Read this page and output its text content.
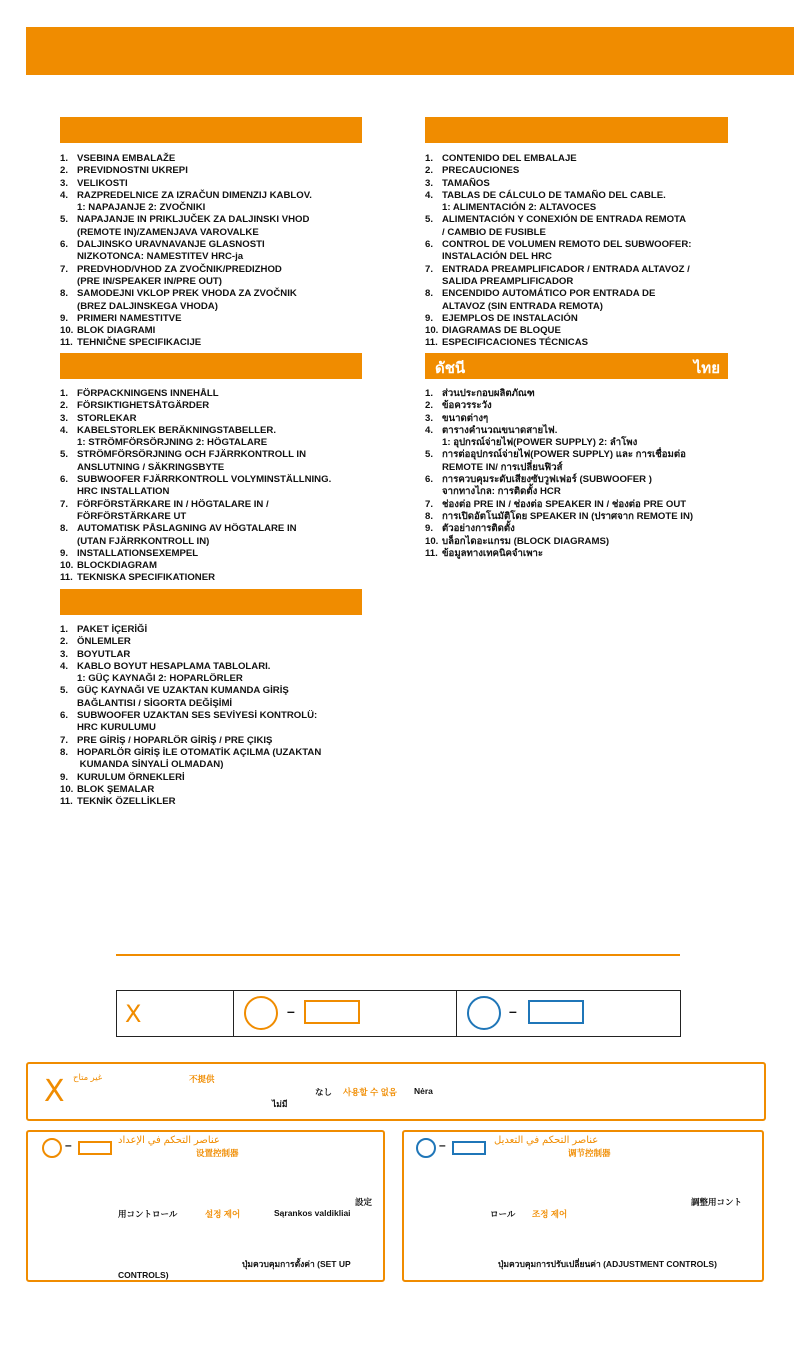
1. VSEBINA EMBALAŽE
2. PREVIDNOSTNI UKREPI
3. VELIKOSTI
4. RAZPREDELNICE ZA IZRAČUN DIMENZIJ KABLOV.
1: NAPAJANJE 2: ZVOČNIKI
5. NAPAJANJE IN PRIKLJUČEK ZA DALJINSKI VHOD
(REMOTE IN)/ZAMENJAVA VAROVALKE
6. DALJINSKO URAVNAVANJE GLASNOSTI
NIZKOTONCA: NAMESTITEV HRC-ja
7. PREDVHOD/VHOD ZA ZVOČNIK/PREDIZHOD
(PRE IN/SPEAKER IN/PRE OUT)
8. SAMODEJNI VKLOP PREK VHODA ZA ZVOČNIK
(BREZ DALJINSKEGA VHODA)
9. PRIMERI NAMESTITVE
10. BLOK DIAGRAMI
11. TEHNIČNE SPECIFIKACIJE
1. CONTENIDO DEL EMBALAJE
2. PRECAUCIONES
3. TAMAÑOS
4. TABLAS DE CÁLCULO DE TAMAÑO DEL CABLE.
1: ALIMENTACIÓN 2: ALTAVOCES
5. ALIMENTACIÓN Y CONEXIÓN DE ENTRADA REMOTA
/ CAMBIO DE FUSIBLE
6. CONTROL DE VOLUMEN REMOTO DEL SUBWOOFER:
INSTALACIÓN DEL HRC
7. ENTRADA PREAMPLIFICADOR / ENTRADA ALTAVOZ /
SALIDA PREAMPLIFICADOR
8. ENCENDIDO AUTOMÁTICO POR ENTRADA DE
ALTAVOZ (SIN ENTRADA REMOTA)
9. EJEMPLOS DE INSTALACIÓN
10. DIAGRAMAS DE BLOQUE
11. ESPECIFICACIONES TÉCNICAS
1. FÖRPACKNINGENS INNEHÅLL
2. FÖRSIKTIGHETSÅTGÄRDER
3. STORLEKAR
4. KABELSTORLEK BERÄKNINGSTABELLER.
1: STRÖMFÖRSÖRJNING 2: HÖGTALARE
5. STRÖMFÖRSÖRJNING OCH FJÄRRKONTROLL IN
ANSLUTNING / SÄKRINGSBYTE
6. SUBWOOFER FJÄRRKONTROLL VOLYMINSTÄLLNING.
HRC INSTALLATION
7. FÖRFÖRSTÄRKARE IN / HÖGTALARE IN /
FÖRFÖRSTÄRKARE UT
8. AUTOMATISK PÅSLAGNING AV HÖGTALARE IN
(UTAN FJÄRRKONTROLL IN)
9. INSTALLATIONSEXEMPEL
10. BLOCKDIAGRAM
11. TEKNISKA SPECIFIKATIONER
ดัชนี	ไทย
1. ส่วนประกอบผลิตภัณฑ
2. ข้อควรระวัง
3. ขนาดต่างๆ
4. ตารางคำนวณขนาดสายไฟ.
1: อุปกรณ์จ่ายไฟ(POWER SUPPLY) 2: ลำโพง
5. การต่ออุปกรณ์จ่ายไฟ(POWER SUPPLY) และ การเชื่อมต่อ
REMOTE IN/ การเปลี่ยนฟิวส์
6. การควบคุมระดับเสียงซับวูฟเฟอร์ (SUBWOOFER )
จากทางไกล: การติดตั้ง HCR
7. ช่องต่อ PRE IN / ช่องต่อ SPEAKER IN / ช่องต่อ PRE OUT
8. การเปิดอัตโนมัติโดย SPEAKER IN (ปราศจาก REMOTE IN)
9. ตัวอย่างการติดตั้ง
10. บล็อกไดอะแกรม (BLOCK DIAGRAMS)
11. ข้อมูลทางเทคนิคจำเพาะ
1. PAKET İÇERİĞİ
2. ÖNLEMLER
3. BOYUTLAR
4. KABLO BOYUT HESAPLAMA TABLOLARI.
1: GÜÇ KAYNAĞI 2: HOPARLÖRLER
5. GÜÇ KAYNAĞI VE UZAKTAN KUMANDA GİRİŞ
BAĞLANTISI / SİGORTA DEĞİŞİMİ
6. SUBWOOFER UZAKTAN SES SEVİYESİ KONTROLÜ:
HRC KURULUMU
7. PRE GİRİŞ / HOPARLÖR GİRİŞ / PRE ÇIKIŞ
8. HOPARLÖR GİRİŞ İLE OTOMATİK AÇILMA (UZAKTAN
KUMANDA SİNYALİ OLMADAN)
9. KURULUM ÖRNEKLERİ
10. BLOK ŞEMALAR
11. TEKNİK ÖZELLİKLER
X	–	–
X غير متاح	不提供
なし 사용할 수 없음 Nėra
ไม่มี
–	عناصر التحكم في الإعداد
设置控制器
設定
用コントロール	설정 제어	Sąrankos valdikliai
ปุ่มควบคุมการตั้งค่า (SET UP
CONTROLS)
–	عناصر التحكم في التعديل
调节控制器
調整用コント
ロール 조정 제어
ปุ่มควบคุมการปรับเปลี่ยนค่า (ADJUSTMENT CONTROLS)
